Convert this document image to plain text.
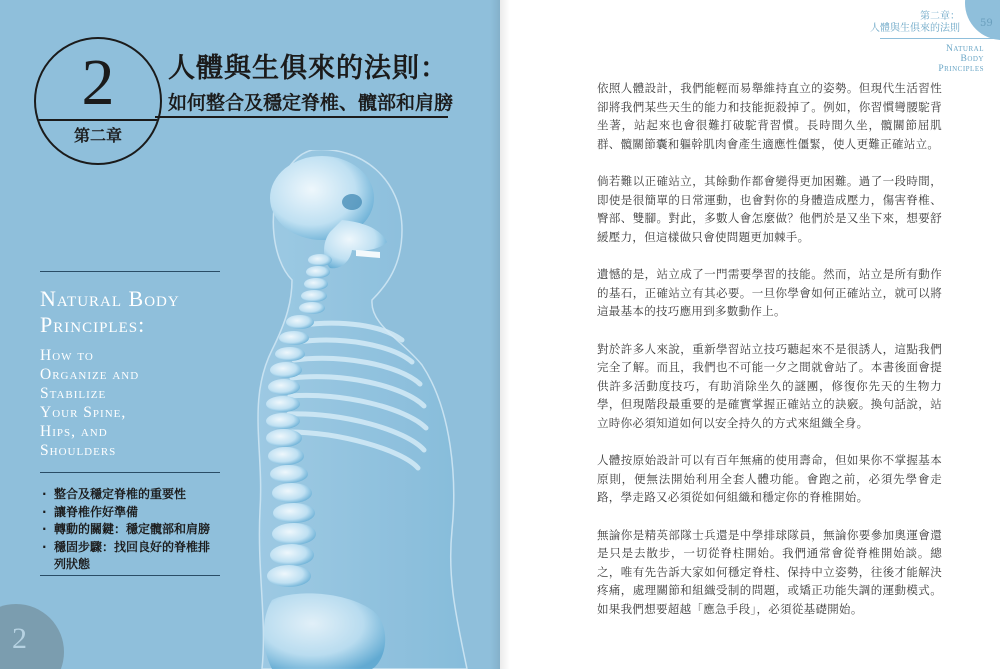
2
第二章
人體與生俱來的法則：
如何整合及穩定脊椎、髖部和肩膀
Natural Body
Principles:
How to
Organize and
Stabilize
Your Spine,
Hips, and
Shoulders
· 整合及穩定脊椎的重要性
· 讓脊椎作好準備
· 轉動的關鍵：穩定髖部和肩膀
· 穩固步驟：找回良好的脊椎排列狀態
2
第二章：
人體與生俱來的法則 59
Natural
Body
Principles

依照人體設計，我們能輕而易舉維持直立的姿勢。但現代生活習性卻將我們某些天生的能力和技能扼殺掉了。例如，你習慣彎腰駝背坐著，站起來也會很難打破駝背習慣。長時間久坐，髖關節屈肌群、髖關節囊和軀幹肌肉會產生適應性僵緊，使人更難正確站立。

倘若難以正確站立，其餘動作都會變得更加困難。過了一段時間，即使是很簡單的日常運動，也會對你的身體造成壓力，傷害脊椎、臀部、雙腳。對此，多數人會怎麼做？他們於是又坐下來，想要舒緩壓力，但這樣做只會使問題更加棘手。

遺憾的是，站立成了一門需要學習的技能。然而，站立是所有動作的基石，正確站立有其必要。一旦你學會如何正確站立，就可以將這最基本的技巧應用到多數動作上。

對於許多人來說，重新學習站立技巧聽起來不是很誘人，這點我們完全了解。而且，我們也不可能一夕之間就會站了。本書後面會提供許多活動度技巧，有助消除坐久的謎團，修復你先天的生物力學，但現階段最重要的是確實掌握正確站立的訣竅。換句話說，站立時你必須知道如何以安全持久的方式來組織全身。

人體按原始設計可以有百年無痛的使用壽命，但如果你不掌握基本原則，便無法開始利用全套人體功能。會跑之前，必須先學會走路，學走路又必須從如何組織和穩定你的脊椎開始。

無論你是精英部隊士兵還是中學排球隊員，無論你要參加奧運會還是只是去散步，一切從脊柱開始。我們通常會從脊椎開始談。總之，唯有先告訴大家如何穩定脊柱、保持中立姿勢，往後才能解決疼痛，處理關節和組織受制的問題，或矯正功能失調的運動模式。如果我們想要超越「應急手段」，必須從基礎開始。
